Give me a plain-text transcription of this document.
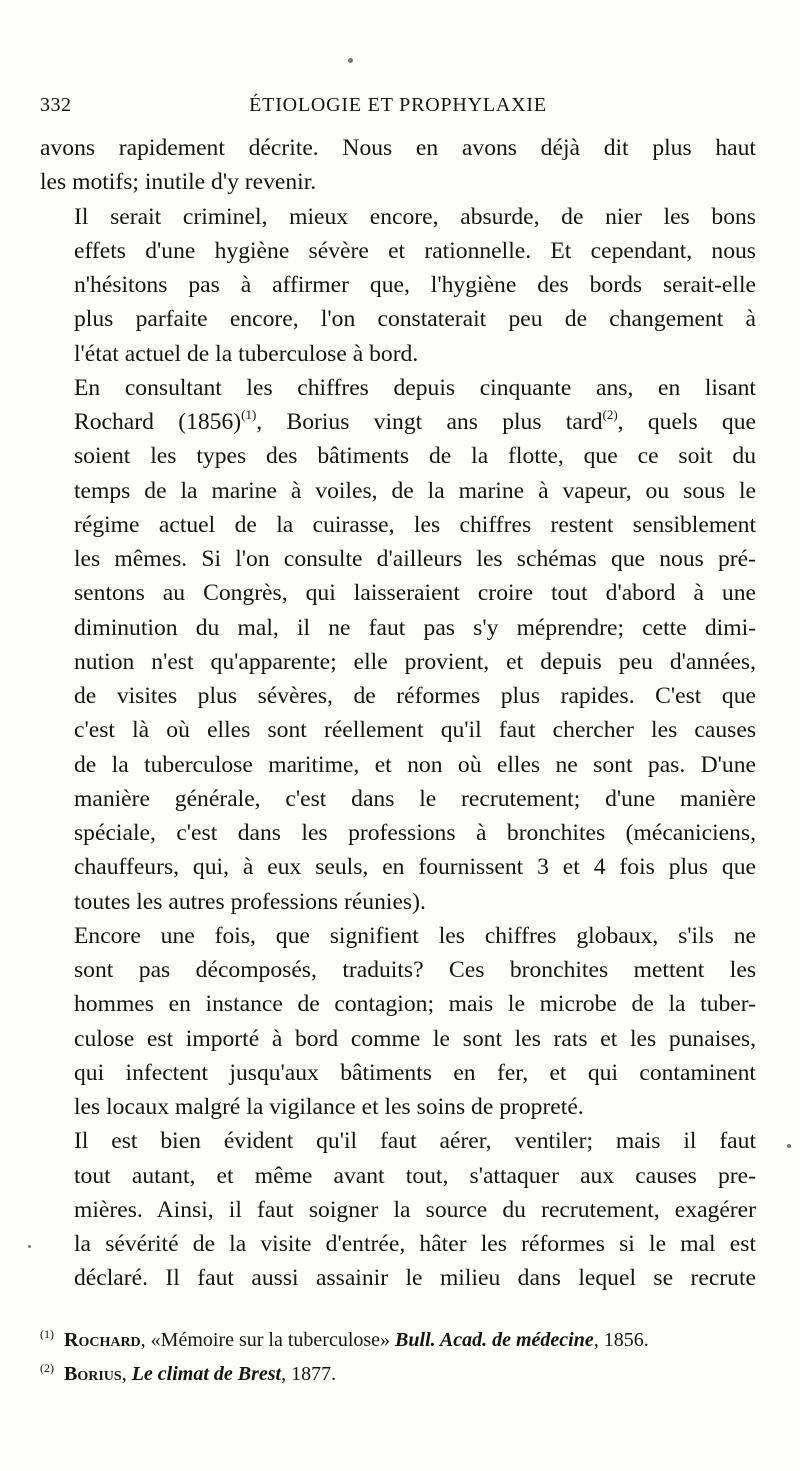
332	ÉTIOLOGIE ET PROPHYLAXIE

avons rapidement décrite. Nous en avons déjà dit plus haut
les motifs; inutile d'y revenir.

Il serait criminel, mieux encore, absurde, de nier les bons
effets d'une hygiène sévère et rationnelle. Et cependant, nous
n'hésitons pas à affirmer que, l'hygiène des bords serait-elle
plus parfaite encore, l'on constaterait peu de changement à
l'état actuel de la tuberculose à bord.

En consultant les chiffres depuis cinquante ans, en lisant
Rochard (1856)$^{(1)}$, Borius vingt ans plus tard$^{(2)}$, quels que
soient les types des bâtiments de la flotte, que ce soit du
temps de la marine à voiles, de la marine à vapeur, ou sous le
régime actuel de la cuirasse, les chiffres restent sensiblement
les mêmes. Si l'on consulte d'ailleurs les schémas que nous pré-
sentons au Congrès, qui laisseraient croire tout d'abord à une
diminution du mal, il ne faut pas s'y méprendre; cette dimi-
nution n'est qu'apparente; elle provient, et depuis peu d'années,
de visites plus sévères, de réformes plus rapides. C'est que
c'est là où elles sont réellement qu'il faut chercher les causes
de la tuberculose maritime, et non où elles ne sont pas. D'une
manière générale, c'est dans le recrutement; d'une manière
spéciale, c'est dans les professions à bronchites (mécaniciens,
chauffeurs, qui, à eux seuls, en fournissent 3 et 4 fois plus que
toutes les autres professions réunies).

Encore une fois, que signifient les chiffres globaux, s'ils ne
sont pas décomposés, traduits? Ces bronchites mettent les
hommes en instance de contagion; mais le microbe de la tuber-
culose est importé à bord comme le sont les rats et les punaises,
qui infectent jusqu'aux bâtiments en fer, et qui contaminent
les locaux malgré la vigilance et les soins de propreté.

Il est bien évident qu'il faut aérer, ventiler; mais il faut
tout autant, et même avant tout, s'attaquer aux causes pre-
mières. Ainsi, il faut soigner la source du recrutement, exagérer
la sévérité de la visite d'entrée, hâter les réformes si le mal est
déclaré. Il faut aussi assainir le milieu dans lequel se recrute

$^{(1)}$ Rochard, «Mémoire sur la tuberculose» Bull. Acad. de médecine, 1856.
$^{(2)}$ Borius, Le climat de Brest, 1877.
